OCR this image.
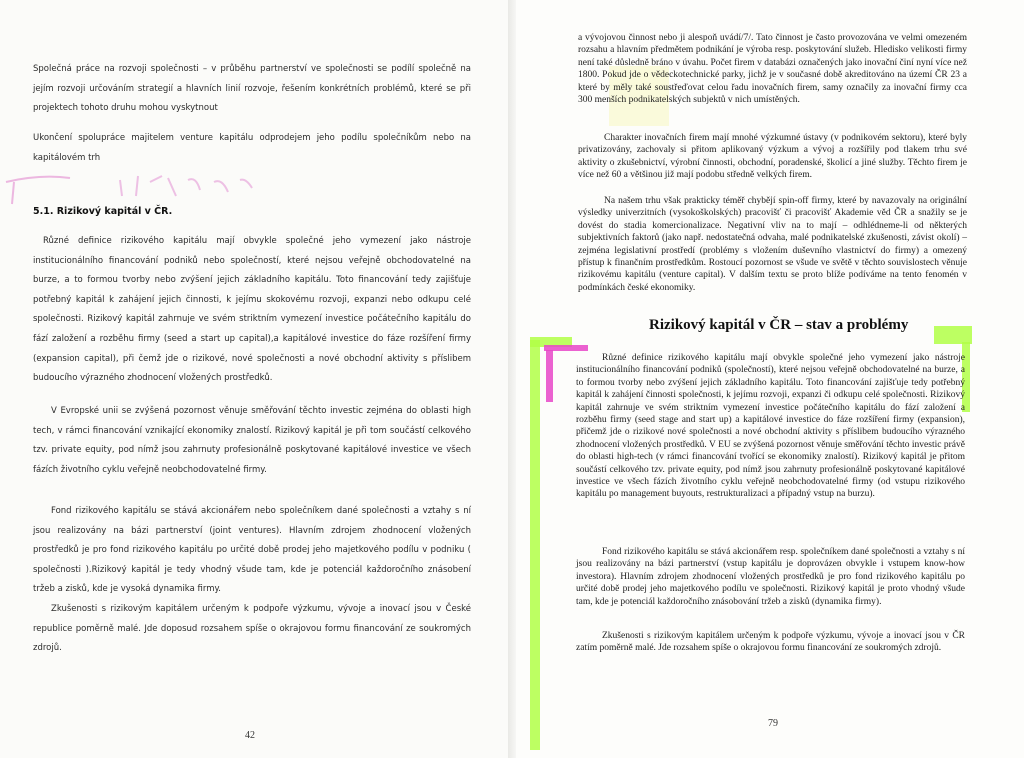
Společná práce na rozvoji společnosti – v průběhu partnerství ve společnosti se podílí společně na jejím rozvoji určováním strategií a hlavních linií rozvoje, řešením konkrétních problémů, které se při projektech tohoto druhu mohou vyskytnout

Ukončení spolupráce majitelem venture kapitálu odprodejem jeho podílu společníkům nebo na kapitálovém trh

5.1. Rizikový kapitál v ČR.

Různé definice rizikového kapitálu mají obvykle společné jeho vymezení jako nástroje institucionálního financování podniků nebo společností, které nejsou veřejně obchodovatelné na burze, a to formou tvorby nebo zvýšení jejich základního kapitálu. Toto financování tedy zajišťuje potřebný kapitál k zahájení jejich činnosti, k jejímu skokovému rozvoji, expanzi nebo odkupu celé společnosti. Rizikový kapitál zahrnuje ve svém striktním vymezení investice počátečního kapitálu do fází založení a rozběhu firmy (seed a start up capital),a kapitálové investice do fáze rozšíření firmy (expansion capital), při čemž jde o rizikové, nové společnosti a nové obchodní aktivity s příslibem budoucího výrazného zhodnocení vložených prostředků.

V Evropské unii se zvýšená pozornost věnuje směřování těchto investic zejména do oblasti high tech, v rámci financování vznikající ekonomiky znalostí. Rizikový kapitál je při tom součástí celkového tzv. private equity, pod nímž jsou zahrnuty profesionálně poskytované kapitálové investice ve všech fázích životního cyklu veřejně neobchodovatelné firmy.

Fond rizikového kapitálu se stává akcionářem nebo společníkem dané společnosti a vztahy s ní jsou realizovány na bázi partnerství (joint ventures). Hlavním zdrojem zhodnocení vložených prostředků je pro fond rizikového kapitálu po určité době prodej jeho majetkového podílu v podniku ( společnosti ).Rizikový kapitál je tedy vhodný všude tam, kde je potenciál každoročního znásobení tržeb a zisků, kde je vysoká dynamika firmy.

Zkušenosti s rizikovým kapitálem určeným k podpoře výzkumu, vývoje a inovací jsou v České republice poměrně malé. Jde doposud rozsahem spíše o okrajovou formu financování ze soukromých zdrojů.

42

a vývojovou činnost nebo ji alespoň uvádí/7/. Tato činnost je často provozována ve velmi omezeném rozsahu a hlavním předmětem podnikání je výroba resp. poskytování služeb. Hledisko velikosti firmy není také důsledně bráno v úvahu. Počet firem v databázi označených jako inovační činí nyní více než 1800. Pokud jde o vědeckotechnické parky, jichž je v současné době akreditováno na území ČR 23 a které by měly také soustřeďovat celou řadu inovačních firem, samy označily za inovační firmy cca 300 menších podnikatelských subjektů v nich umístěných.

Charakter inovačních firem mají mnohé výzkumné ústavy (v podnikovém sektoru), které byly privatizovány, zachovaly si přitom aplikovaný výzkum a vývoj a rozšířily pod tlakem trhu své aktivity o zkušebnictví, výrobní činnosti, obchodní, poradenské, školicí a jiné služby. Těchto firem je více než 60 a většinou již mají podobu středně velkých firem.

Na našem trhu však prakticky téměř chybějí spin-off firmy, které by navazovaly na originální výsledky univerzitních (vysokoškolských) pracovišť či pracovišť Akademie věd ČR a snažily se je dovést do stadia komercionalizace. Negativní vliv na to mají – odhlédneme-li od některých subjektivních faktorů (jako např. nedostatečná odvaha, malé podnikatelské zkušenosti, závist okolí) – zejména legislativní prostředí (problémy s vložením duševního vlastnictví do firmy) a omezený přístup k finančním prostředkům. Rostoucí pozornost se všude ve světě v těchto souvislostech věnuje rizikovému kapitálu (venture capital). V dalším textu se proto blíže podíváme na tento fenomén v podmínkách české ekonomiky.

Rizikový kapitál v ČR – stav a problémy

Různé definice rizikového kapitálu mají obvykle společné jeho vymezení jako nástroje institucionálního financování podniků (společností), které nejsou veřejně obchodovatelné na burze, a to formou tvorby nebo zvýšení jejich základního kapitálu. Toto financování zajišťuje tedy potřebný kapitál k zahájení činnosti společnosti, k jejímu rozvoji, expanzi či odkupu celé společnosti. Rizikový kapitál zahrnuje ve svém striktním vymezení investice počátečního kapitálu do fází založení a rozběhu firmy (seed stage and start up) a kapitálové investice do fáze rozšíření firmy (expansion), přičemž jde o rizikové nové společnosti a nové obchodní aktivity s příslibem budoucího výrazného zhodnocení vložených prostředků. V EU se zvýšená pozornost věnuje směřování těchto investic právě do oblasti high-tech (v rámci financování tvořící se ekonomiky znalostí). Rizikový kapitál je přitom součástí celkového tzv. private equity, pod nímž jsou zahrnuty profesionálně poskytované kapitálové investice ve všech fázích životního cyklu veřejně neobchodovatelné firmy (od vstupu rizikového kapitálu po management buyouts, restrukturalizaci a případný vstup na burzu).

Fond rizikového kapitálu se stává akcionářem resp. společníkem dané společnosti a vztahy s ní jsou realizovány na bázi partnerství (vstup kapitálu je doprovázen obvykle i vstupem know-how investora). Hlavním zdrojem zhodnocení vložených prostředků je pro fond rizikového kapitálu po určité době prodej jeho majetkového podílu ve společnosti. Rizikový kapitál je proto vhodný všude tam, kde je potenciál každoročního znásobování tržeb a zisků (dynamika firmy).

Zkušenosti s rizikovým kapitálem určeným k podpoře výzkumu, vývoje a inovací jsou v ČR zatím poměrně malé. Jde rozsahem spíše o okrajovou formu financování ze soukromých zdrojů.

79
